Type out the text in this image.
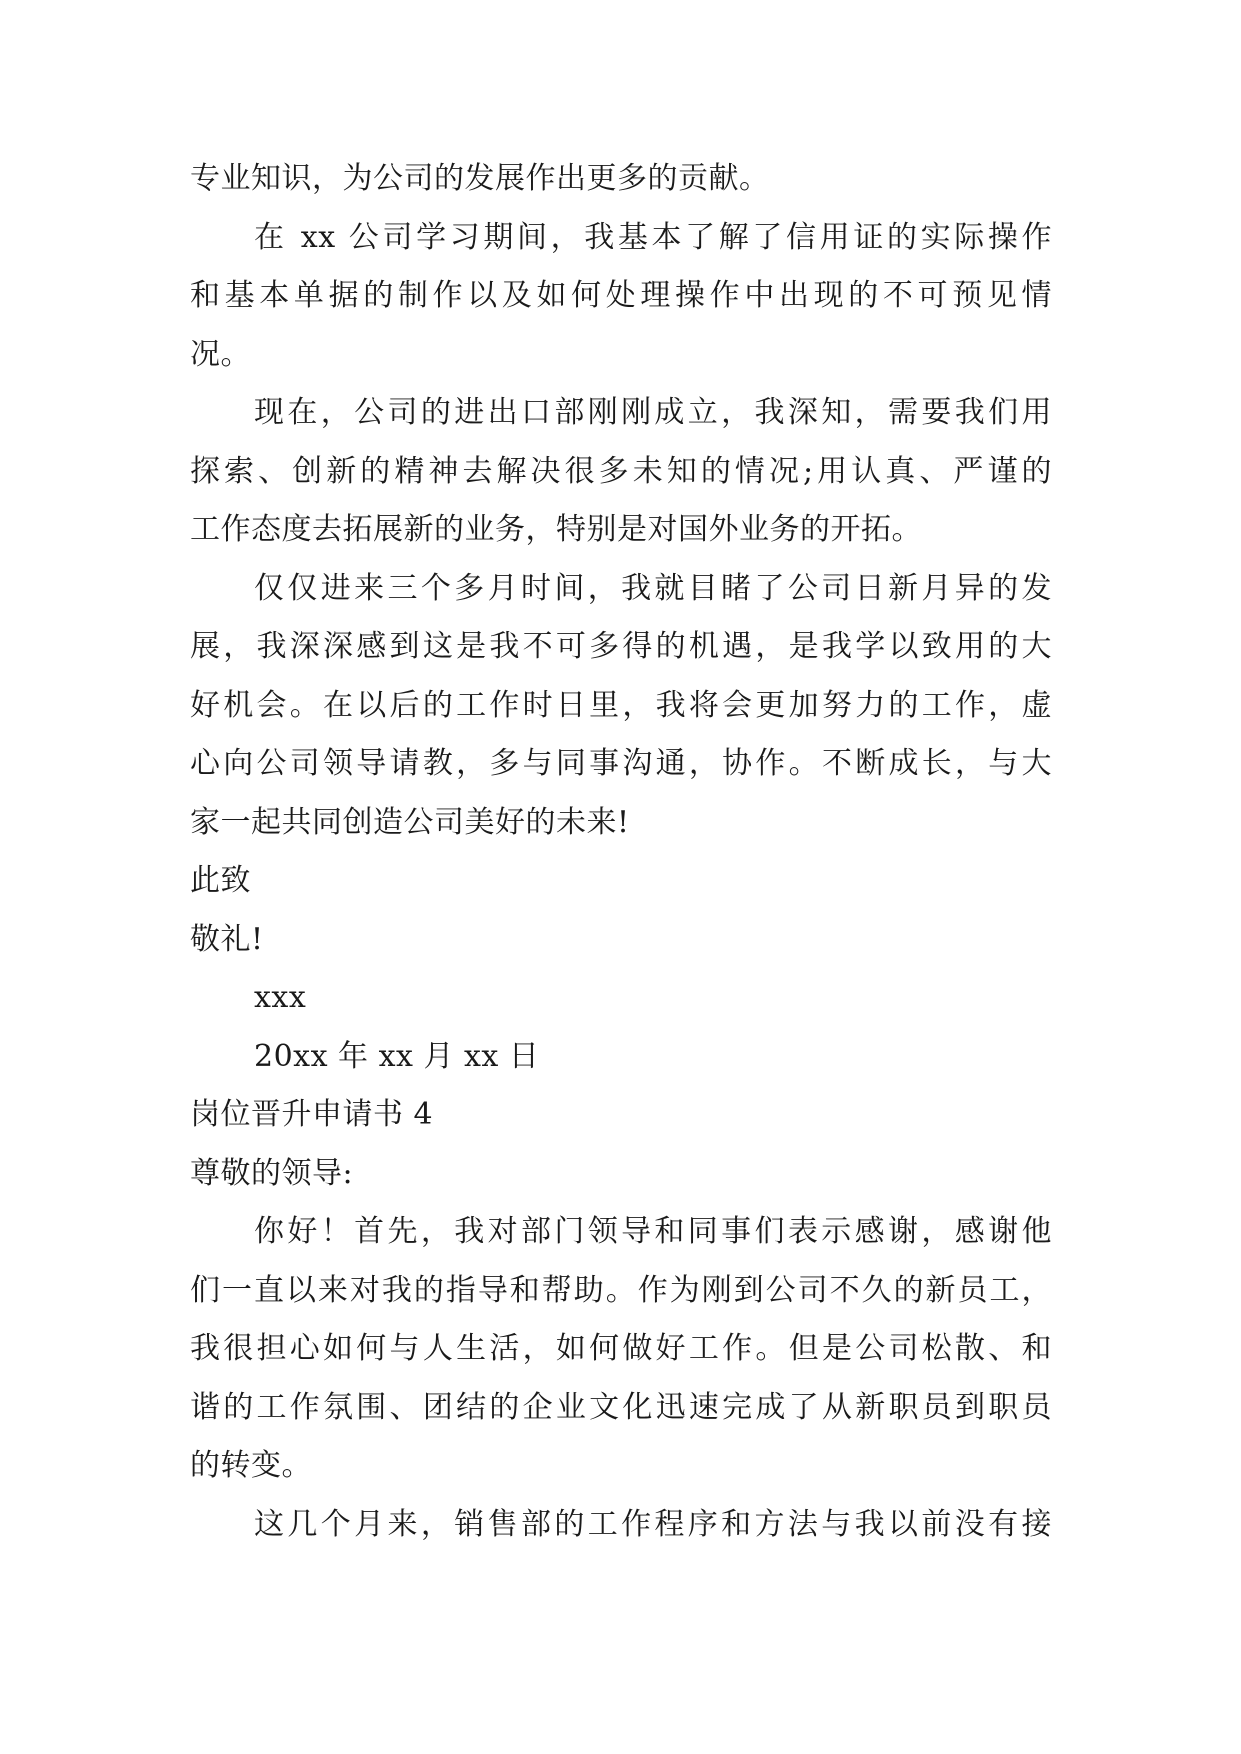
专业知识，为公司的发展作出更多的贡献。
在 xx 公司学习期间，我基本了解了信用证的实际操作
和基本单据的制作以及如何处理操作中出现的不可预见情
况。
现在，公司的进出口部刚刚成立，我深知，需要我们用
探索、创新的精神去解决很多未知的情况;用认真、严谨的
工作态度去拓展新的业务，特别是对国外业务的开拓。
仅仅进来三个多月时间，我就目睹了公司日新月异的发
展，我深深感到这是我不可多得的机遇，是我学以致用的大
好机会。在以后的工作时日里，我将会更加努力的工作，虚
心向公司领导请教，多与同事沟通，协作。不断成长，与大
家一起共同创造公司美好的未来!
此致
敬礼!
xxx
20xx 年 xx 月 xx 日
岗位晋升申请书 4
尊敬的领导:
你好！首先，我对部门领导和同事们表示感谢，感谢他
们一直以来对我的指导和帮助。作为刚到公司不久的新员工，
我很担心如何与人生活，如何做好工作。但是公司松散、和
谐的工作氛围、团结的企业文化迅速完成了从新职员到职员
的转变。
这几个月来，销售部的工作程序和方法与我以前没有接
